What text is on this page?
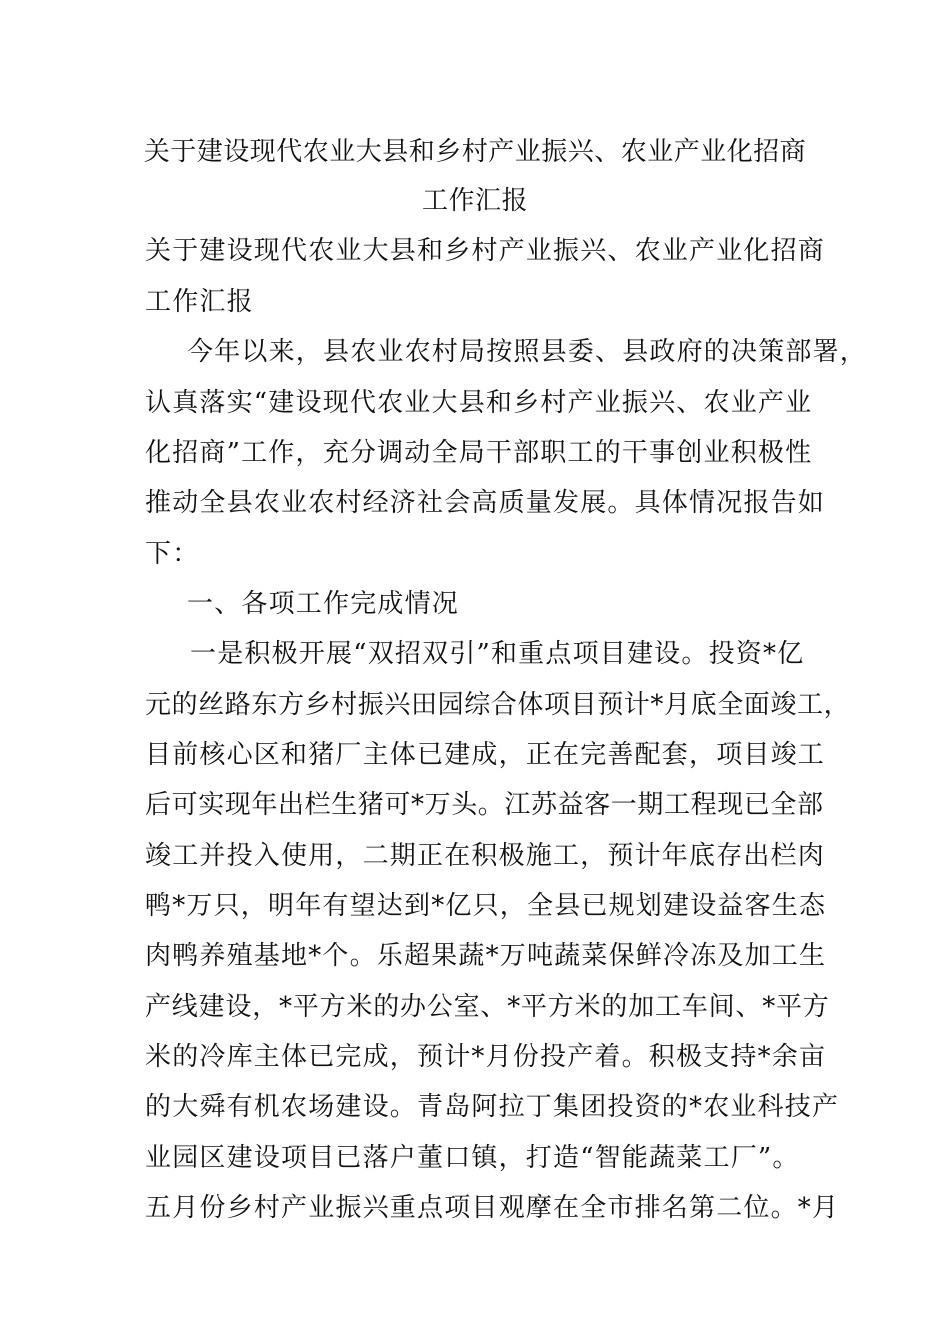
关于建设现代农业大县和乡村产业振兴、农业产业化招商
工作汇报
关于建设现代农业大县和乡村产业振兴、农业产业化招商
工作汇报
今年以来，县农业农村局按照县委、县政府的决策部署，
认真落实“建设现代农业大县和乡村产业振兴、农业产业
化招商”工作，充分调动全局干部职工的干事创业积极性
推动全县农业农村经济社会高质量发展。具体情况报告如
下：
一、各项工作完成情况
一是积极开展“双招双引”和重点项目建设。投资*亿
元的丝路东方乡村振兴田园综合体项目预计*月底全面竣工，
目前核心区和猪厂主体已建成，正在完善配套，项目竣工
后可实现年出栏生猪可*万头。江苏益客一期工程现已全部
竣工并投入使用，二期正在积极施工，预计年底存出栏肉
鸭*万只，明年有望达到*亿只，全县已规划建设益客生态
肉鸭养殖基地*个。乐超果蔬*万吨蔬菜保鲜冷冻及加工生
产线建设，*平方米的办公室、*平方米的加工车间、*平方
米的冷库主体已完成，预计*月份投产着。积极支持*余亩
的大舜有机农场建设。青岛阿拉丁集团投资的*农业科技产
业园区建设项目已落户董口镇，打造“智能蔬菜工厂”。
五月份乡村产业振兴重点项目观摩在全市排名第二位。*月
